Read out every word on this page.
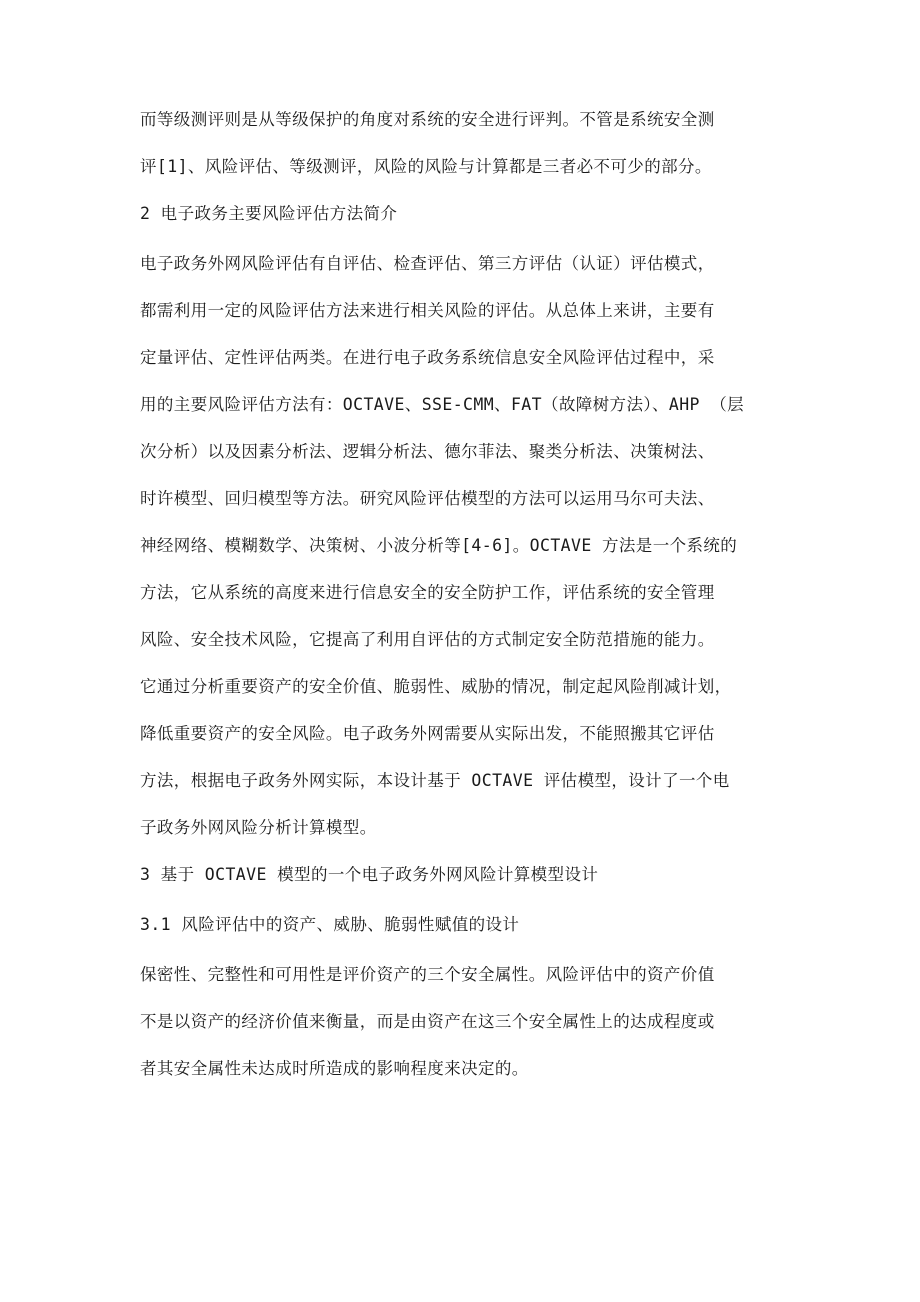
而等级测评则是从等级保护的角度对系统的安全进行评判。不管是系统安全测
评[1]、风险评估、等级测评，风险的风险与计算都是三者必不可少的部分。
2 电子政务主要风险评估方法简介
电子政务外网风险评估有自评估、检查评估、第三方评估（认证）评估模式，
都需利用一定的风险评估方法来进行相关风险的评估。从总体上来讲，主要有
定量评估、定性评估两类。在进行电子政务系统信息安全风险评估过程中，采
用的主要风险评估方法有：OCTAVE、SSE-CMM、FAT（故障树方法）、AHP （层
次分析）以及因素分析法、逻辑分析法、德尔菲法、聚类分析法、决策树法、
时许模型、回归模型等方法。研究风险评估模型的方法可以运用马尔可夫法、
神经网络、模糊数学、决策树、小波分析等[4-6]。OCTAVE 方法是一个系统的
方法，它从系统的高度来进行信息安全的安全防护工作，评估系统的安全管理
风险、安全技术风险，它提高了利用自评估的方式制定安全防范措施的能力。
它通过分析重要资产的安全价值、脆弱性、威胁的情况，制定起风险削减计划，
降低重要资产的安全风险。电子政务外网需要从实际出发，不能照搬其它评估
方法，根据电子政务外网实际，本设计基于 OCTAVE 评估模型，设计了一个电
子政务外网风险分析计算模型。
3 基于 OCTAVE 模型的一个电子政务外网风险计算模型设计
3.1 风险评估中的资产、威胁、脆弱性赋值的设计
保密性、完整性和可用性是评价资产的三个安全属性。风险评估中的资产价值
不是以资产的经济价值来衡量，而是由资产在这三个安全属性上的达成程度或
者其安全属性未达成时所造成的影响程度来决定的。
